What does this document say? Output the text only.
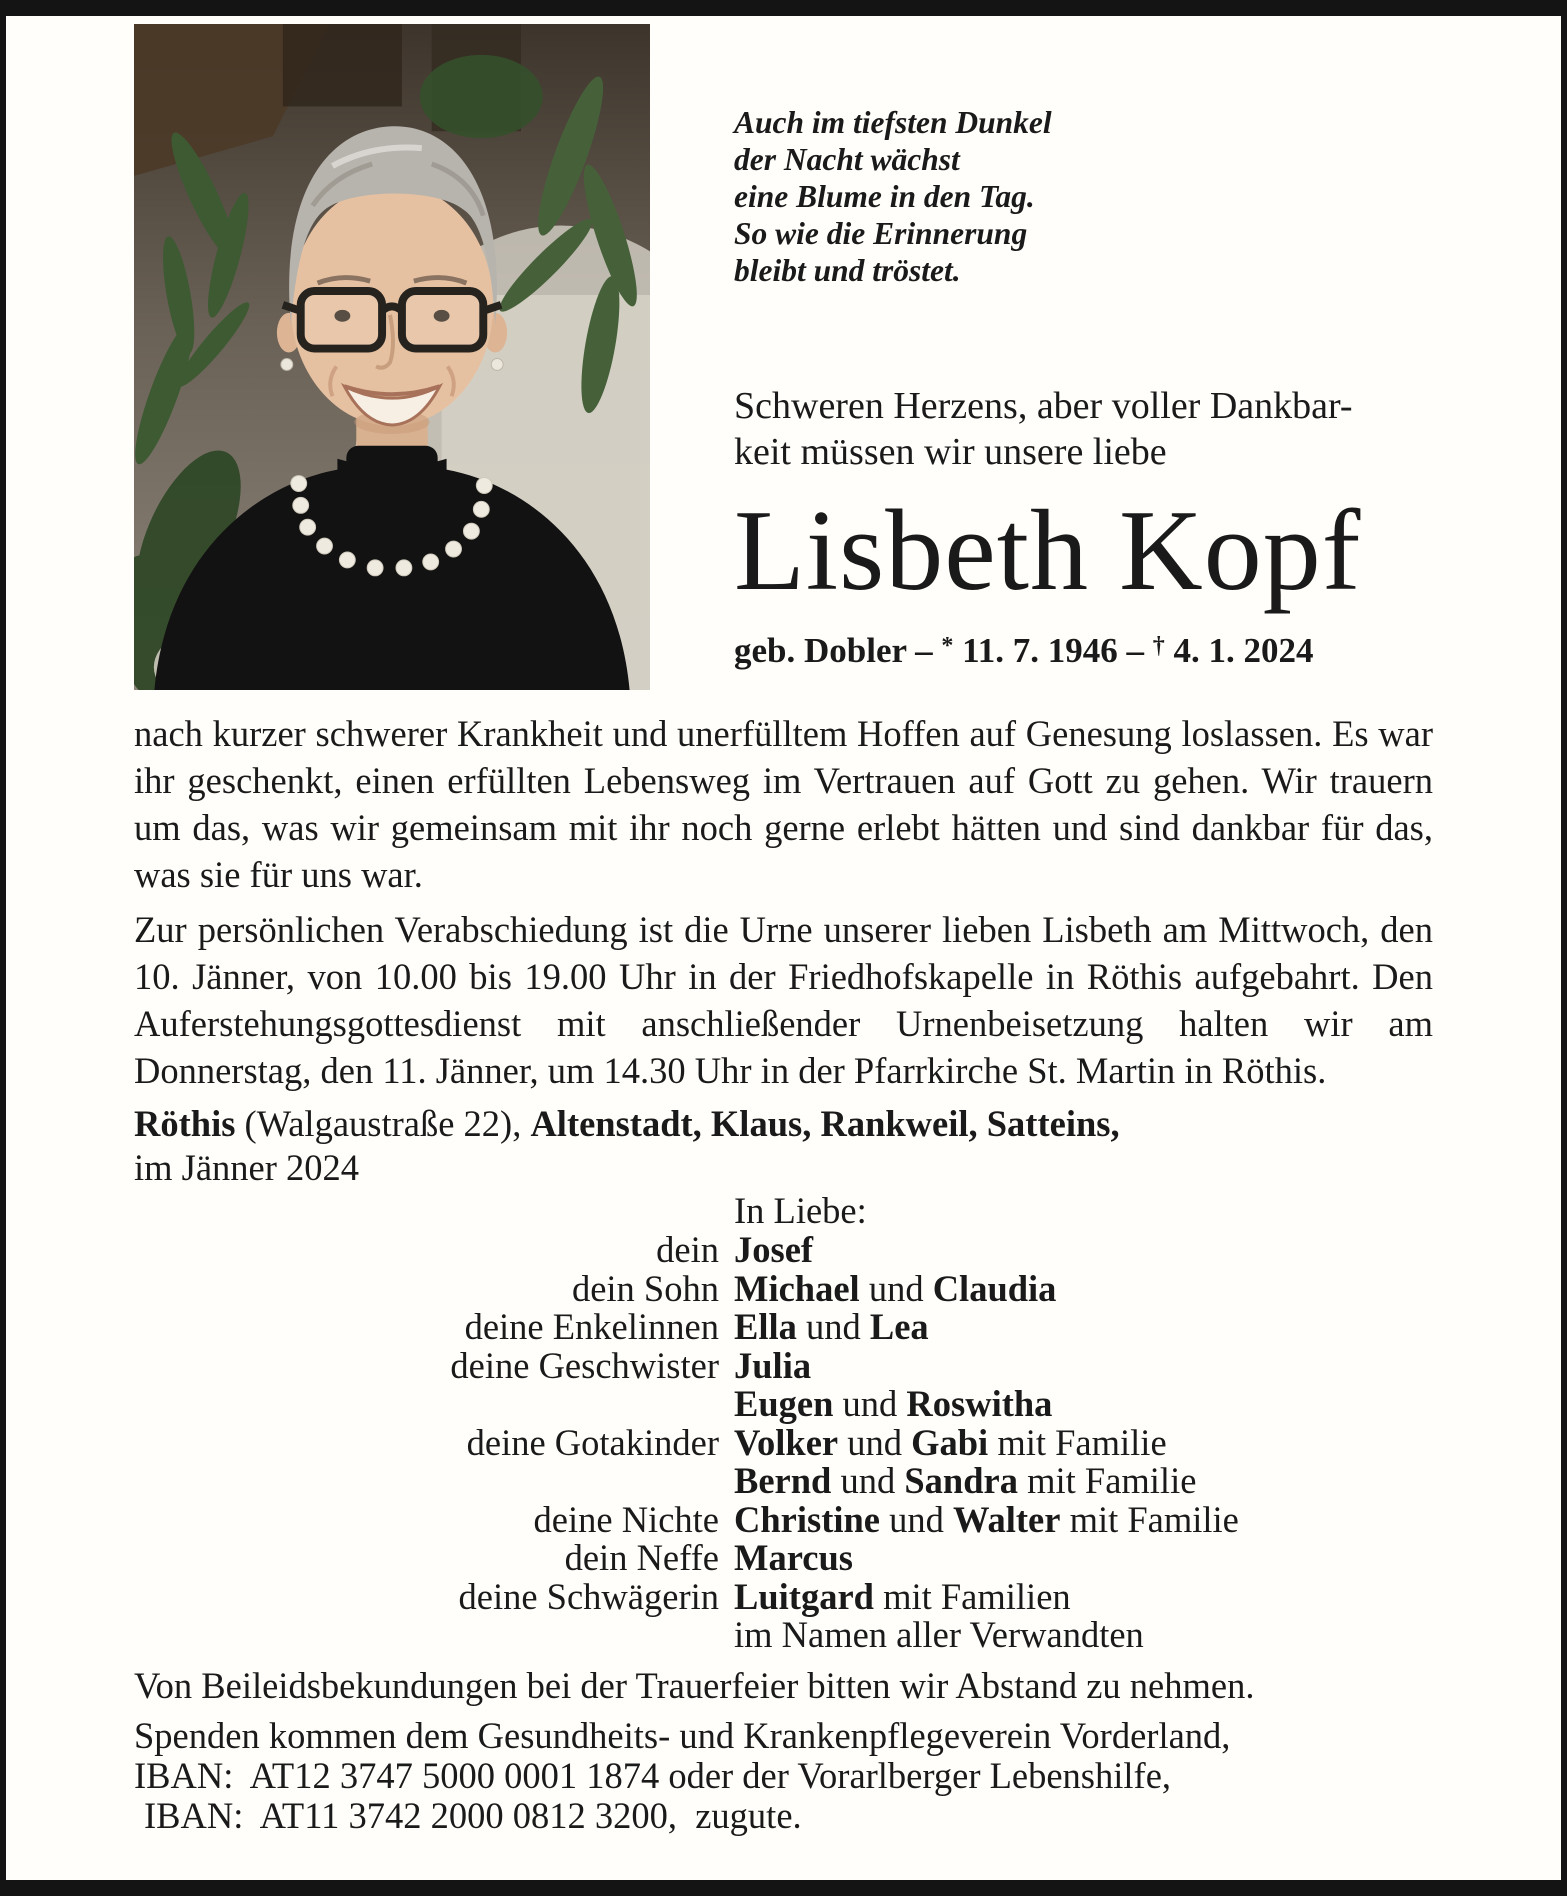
Auch im tiefsten Dunkel
der Nacht wächst
eine Blume in den Tag.
So wie die Erinnerung
bleibt und tröstet.
Schweren Herzens, aber voller Dankbar-
keit müssen wir unsere liebe
Lisbeth Kopf
geb. Dobler – * 11. 7. 1946 – † 4. 1. 2024
nach kurzer schwerer Krankheit und unerfülltem Hoffen auf Genesung loslassen. Es war ihr geschenkt, einen erfüllten Lebensweg im Vertrauen auf Gott zu gehen. Wir trauern um das, was wir gemeinsam mit ihr noch gerne erlebt hätten und sind dankbar für das, was sie für uns war.
Zur persönlichen Verabschiedung ist die Urne unserer lieben Lisbeth am Mittwoch, den 10. Jänner, von 10.00 bis 19.00 Uhr in der Friedhofskapelle in Röthis aufgebahrt. Den Auferstehungsgottesdienst mit anschließender Urnenbeisetzung halten wir am Donnerstag, den 11. Jänner, um 14.30 Uhr in der Pfarrkirche St. Martin in Röthis.
Röthis (Walgaustraße 22), Altenstadt, Klaus, Rankweil, Satteins,
im Jänner 2024
In Liebe:
dein Josef
dein Sohn Michael und Claudia
deine Enkelinnen Ella und Lea
deine Geschwister Julia
Eugen und Roswitha
deine Gotakinder Volker und Gabi mit Familie
Bernd und Sandra mit Familie
deine Nichte Christine und Walter mit Familie
dein Neffe Marcus
deine Schwägerin Luitgard mit Familien
im Namen aller Verwandten
Von Beileidsbekundungen bei der Trauerfeier bitten wir Abstand zu nehmen.
Spenden kommen dem Gesundheits- und Krankenpflegeverein Vorderland,
IBAN:  AT12 3747 5000 0001 1874 oder der Vorarlberger Lebenshilfe,
IBAN:  AT11 3742 2000 0812 3200,  zugute.
